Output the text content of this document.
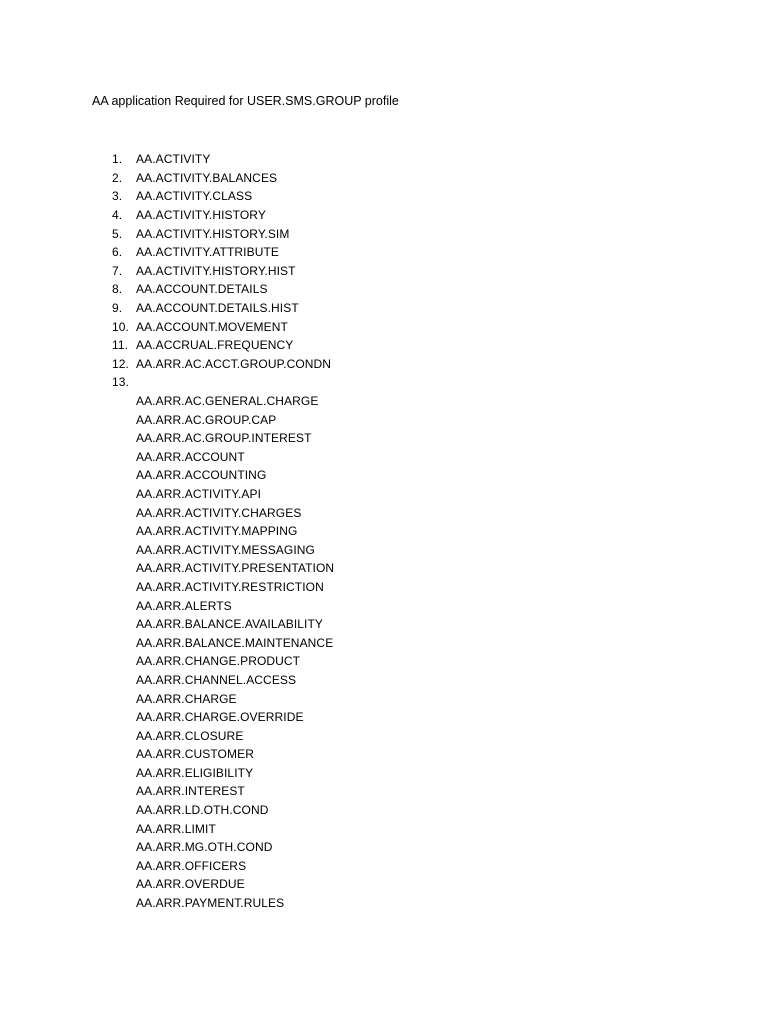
AA application Required for USER.SMS.GROUP profile
1. AA.ACTIVITY
2. AA.ACTIVITY.BALANCES
3. AA.ACTIVITY.CLASS
4. AA.ACTIVITY.HISTORY
5. AA.ACTIVITY.HISTORY.SIM
6. AA.ACTIVITY.ATTRIBUTE
7. AA.ACTIVITY.HISTORY.HIST
8. AA.ACCOUNT.DETAILS
9. AA.ACCOUNT.DETAILS.HIST
10. AA.ACCOUNT.MOVEMENT
11. AA.ACCRUAL.FREQUENCY
12. AA.ARR.AC.ACCT.GROUP.CONDN
13.
AA.ARR.AC.GENERAL.CHARGE
AA.ARR.AC.GROUP.CAP
AA.ARR.AC.GROUP.INTEREST
AA.ARR.ACCOUNT
AA.ARR.ACCOUNTING
AA.ARR.ACTIVITY.API
AA.ARR.ACTIVITY.CHARGES
AA.ARR.ACTIVITY.MAPPING
AA.ARR.ACTIVITY.MESSAGING
AA.ARR.ACTIVITY.PRESENTATION
AA.ARR.ACTIVITY.RESTRICTION
AA.ARR.ALERTS
AA.ARR.BALANCE.AVAILABILITY
AA.ARR.BALANCE.MAINTENANCE
AA.ARR.CHANGE.PRODUCT
AA.ARR.CHANNEL.ACCESS
AA.ARR.CHARGE
AA.ARR.CHARGE.OVERRIDE
AA.ARR.CLOSURE
AA.ARR.CUSTOMER
AA.ARR.ELIGIBILITY
AA.ARR.INTEREST
AA.ARR.LD.OTH.COND
AA.ARR.LIMIT
AA.ARR.MG.OTH.COND
AA.ARR.OFFICERS
AA.ARR.OVERDUE
AA.ARR.PAYMENT.RULES
